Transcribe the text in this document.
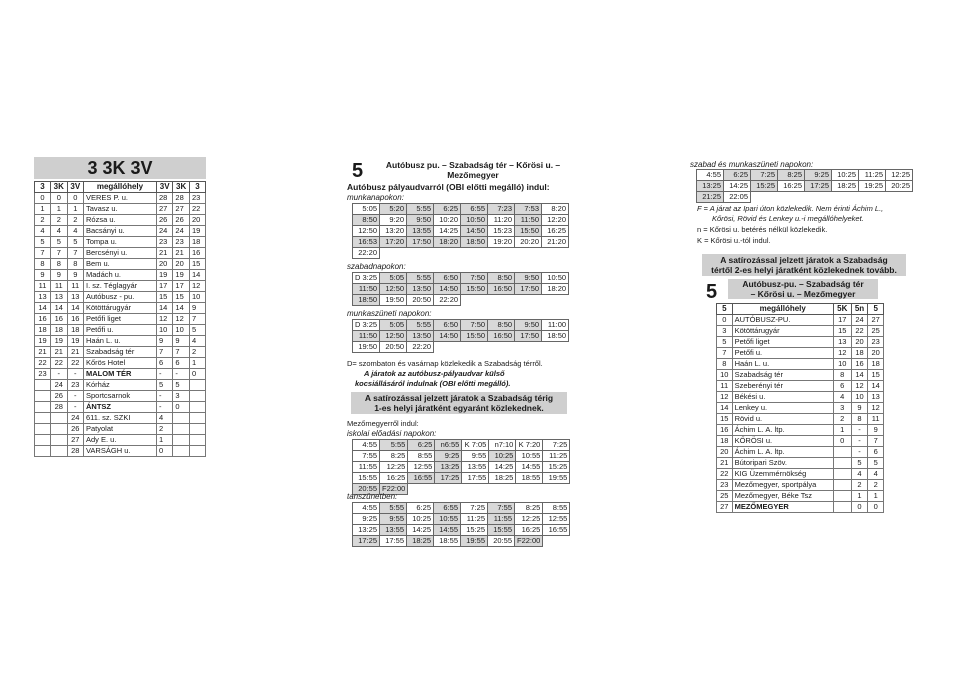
3 3K 3V
3	3K	3V	megállóhely	3V	3K	3
0	0	0	VERES P. u.	28	28	23
1	1	1	Tavasz u.	27	27	22
2	2	2	Rózsa u.	26	26	20
4	4	4	Bacsányi u.	24	24	19
5	5	5	Tompa u.	23	23	18
7	7	7	Bercsényi u.	21	21	16
8	8	8	Bem u.	20	20	15
9	9	9	Madách u.	19	19	14
11	11	11	I. sz. Téglagyár	17	17	12
13	13	13	Autóbusz - pu.	15	15	10
14	14	14	Kötöttárugyár	14	14	9
16	16	16	Petőfi liget	12	12	7
18	18	18	Petőfi u.	10	10	5
19	19	19	Haán L. u.	9	9	4
21	21	21	Szabadság tér	7	7	2
22	22	22	Kőrös Hotel	6	6	1
23	-	-	MALOM TÉR	-	-	0
	24	23	Kórház	5	5	
	26	-	Sportcsarnok	-	3	
	28	-	ÁNTSZ	-	0	
		24	611. sz. SZKI	4		
		26	Patyolat	2		
		27	Ady E. u.	1		
		28	VARSÁGH u.	0		
5	Autóbusz pu. – Szabadság tér – Kőrösi u. –
Mezőmegyer
Autóbusz pályaudvarról (OBI előtti megálló) indul:
munkanapokon:
5:05	5:20	5:55	6:25	6:55	7:23	7:53	8:20
8:50	9:20	9:50	10:20	10:50	11:20	11:50	12:20
12:50	13:20	13:55	14:25	14:50	15:23	15:50	16:25
16:53	17:20	17:50	18:20	18:50	19:20	20:20	21:20
22:20							
szabadnapokon:
D 3:25	5:05	5:55	6:50	7:50	8:50	9:50	10:50
11:50	12:50	13:50	14:50	15:50	16:50	17:50	18:20
18:50	19:50	20:50	22:20				
munkaszüneti napokon:
D 3:25	5:05	5:55	6:50	7:50	8:50	9:50	11:00
11:50	12:50	13:50	14:50	15:50	16:50	17:50	18:50
19:50	20:50	22:20					
D= szombaton és vasárnap közlekedik a Szabadság térről.
A járatok az autóbusz-pályaudvar külső
kocsiállásáról indulnak (OBI előtti megálló).
A satírozással jelzett járatok a Szabadság térig
1-es helyi járatként egyaránt közlekednek.
Mezőmegyerről indul:
iskolai előadási napokon:
4:55	5:55	6:25	n6:55	K 7:05	n7:10	K 7:20	7:25
7:55	8:25	8:55	9:25	9:55	10:25	10:55	11:25
11:55	12:25	12:55	13:25	13:55	14:25	14:55	15:25
15:55	16:25	16:55	17:25	17:55	18:25	18:55	19:55
20:55	F22:00						
tanszünetben:
4:55	5:55	6:25	6:55	7:25	7:55	8:25	8:55
9:25	9:55	10:25	10:55	11:25	11:55	12:25	12:55
13:25	13:55	14:25	14:55	15:25	15:55	16:25	16:55
17:25	17:55	18:25	18:55	19:55	20:55	F22:00	
szabad és munkaszüneti napokon:
4:55	6:25	7:25	8:25	9:25	10:25	11:25	12:25
13:25	14:25	15:25	16:25	17:25	18:25	19:25	20:25
21:25	22:05						
F = A járat az Ipari úton közlekedik. Nem érinti Áchim L.,
Kőrösi, Rövid és Lenkey u.-i megállóhelyeket.
n = Kőrösi u. betérés nélkül közlekedik.
K = Kőrösi u.-tól indul.
A satírozással jelzett járatok a Szabadság
tértől 2-es helyi járatként közlekednek tovább.
5	Autóbusz-pu. – Szabadság tér
– Kőrösi u. – Mezőmegyer
5	megállóhely	5K	5n	5
0	AUTÓBUSZ-PU.	17	24	27
3	Kötöttárugyár	15	22	25
5	Petőfi liget	13	20	23
7	Petőfi u.	12	18	20
8	Haán L. u.	10	16	18
10	Szabadság tér	8	14	15
11	Szeberényi tér	6	12	14
12	Békési u.	4	10	13
14	Lenkey u.	3	9	12
15	Rövid u.	2	8	11
16	Áchim L. A. ltp.	1	-	9
18	KŐRÖSI u.	0	-	7
20	Áchim L. A. ltp.		-	6
21	Bútoripari Szöv.		5	5
22	KIG Üzemmérnökség		4	4
23	Mezőmegyer, sportpálya		2	2
25	Mezőmegyer, Béke Tsz		1	1
27	MEZŐMEGYER		0	0
